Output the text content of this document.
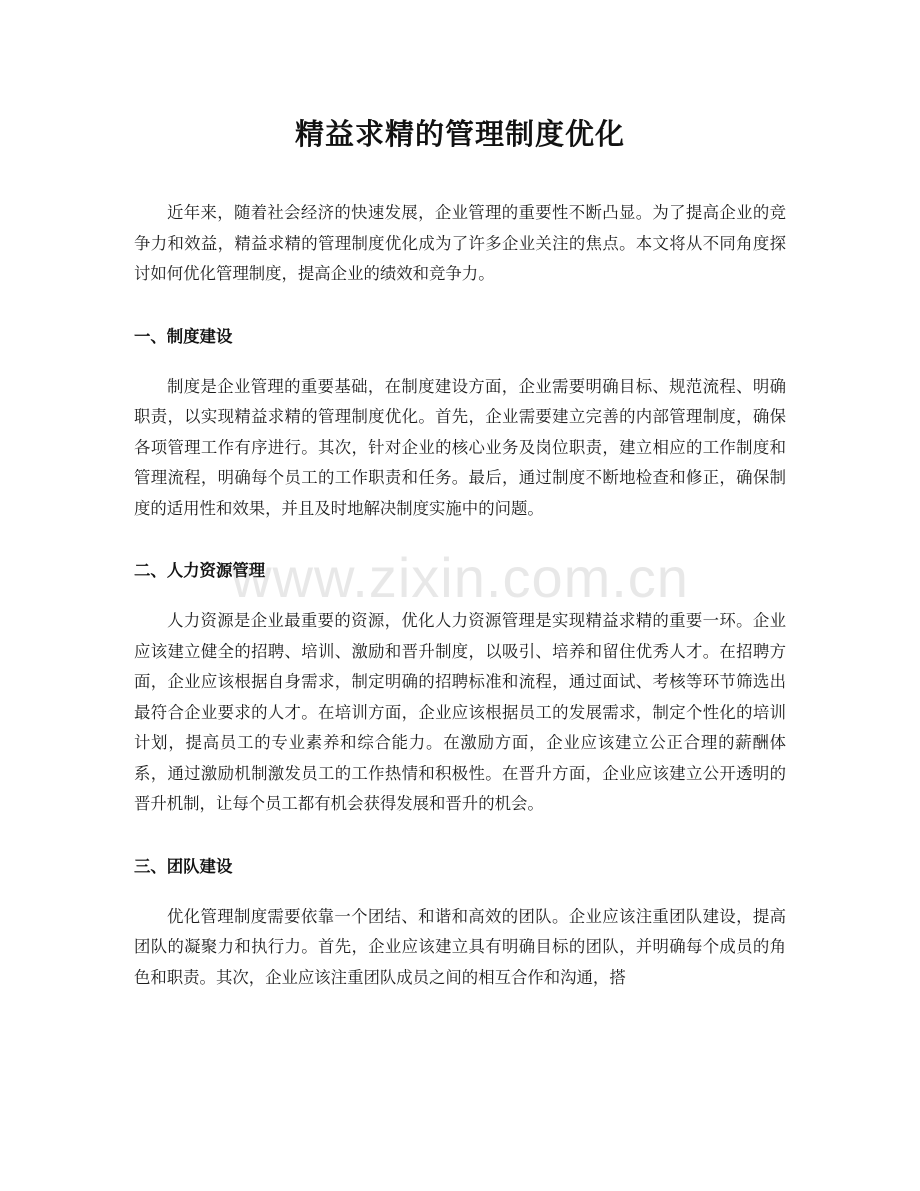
精益求精的管理制度优化

近年来，随着社会经济的快速发展，企业管理的重要性不断凸显。为了提高企业的竞争力和效益，精益求精的管理制度优化成为了许多企业关注的焦点。本文将从不同角度探讨如何优化管理制度，提高企业的绩效和竞争力。

一、制度建设

制度是企业管理的重要基础，在制度建设方面，企业需要明确目标、规范流程、明确职责，以实现精益求精的管理制度优化。首先，企业需要建立完善的内部管理制度，确保各项管理工作有序进行。其次，针对企业的核心业务及岗位职责，建立相应的工作制度和管理流程，明确每个员工的工作职责和任务。最后，通过制度不断地检查和修正，确保制度的适用性和效果，并且及时地解决制度实施中的问题。

二、人力资源管理

人力资源是企业最重要的资源，优化人力资源管理是实现精益求精的重要一环。企业应该建立健全的招聘、培训、激励和晋升制度，以吸引、培养和留住优秀人才。在招聘方面，企业应该根据自身需求，制定明确的招聘标准和流程，通过面试、考核等环节筛选出最符合企业要求的人才。在培训方面，企业应该根据员工的发展需求，制定个性化的培训计划，提高员工的专业素养和综合能力。在激励方面，企业应该建立公正合理的薪酬体系，通过激励机制激发员工的工作热情和积极性。在晋升方面，企业应该建立公开透明的晋升机制，让每个员工都有机会获得发展和晋升的机会。

三、团队建设

优化管理制度需要依靠一个团结、和谐和高效的团队。企业应该注重团队建设，提高团队的凝聚力和执行力。首先，企业应该建立具有明确目标的团队，并明确每个成员的角色和职责。其次，企业应该注重团队成员之间的相互合作和沟通，搭

www.zixin.com.cn
